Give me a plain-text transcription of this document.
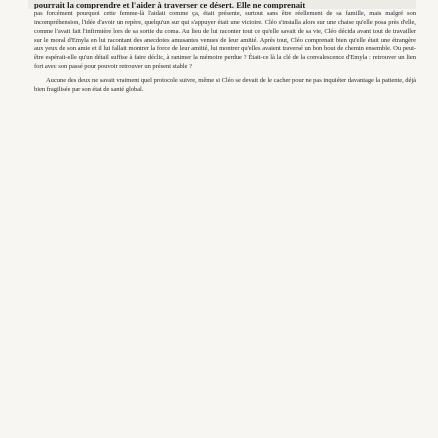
pourrait la comprendre et l'aider à traverser ce désert. Elle ne comprenait

pas forcément pourquoi cette femme-là l'aidait comme ça, était présente, surtout sans être réellement de sa famille, mais malgré son incompréhension, l'idée d'avoir un repère, quelqu'un sur qui s'appuyer était une victoire. Cléo s'installa alors sur une chaise qu'elle posa près d'elle, comme l'avait fait l'infirmière lors de sa sortie du coma. Au lieu de lui raconter tout ce qu'elle savait de sa vie, Cléo décida avant tout de travailler sur le moral d'Emyla en lui racontant des anecdotes amusantes venues de leur amitié. Après tout, Cléo comprenait bien qu'elle était une étrangère aux yeux de son amie et il lui fallait montrer la force de leur amitié, lui montrer qu'elles avaient traversé un bon bout de chemin ensemble. Ou peut-être espérait-elle qu'un détail suffise à faire déclic, à ranimer la mémoire perdue ? Était-ce là la clé de la convalescence d'Emyla : retrouver un lien fort avec son passé pour pouvoir retrouver un présent stable ?

Aucune des deux ne savait vraiment quel protocole suivre, même si Cléo se devait de le cacher pour ne pas inquiéter davantage la patiente, déjà bien fragilisée par son état de santé global.
